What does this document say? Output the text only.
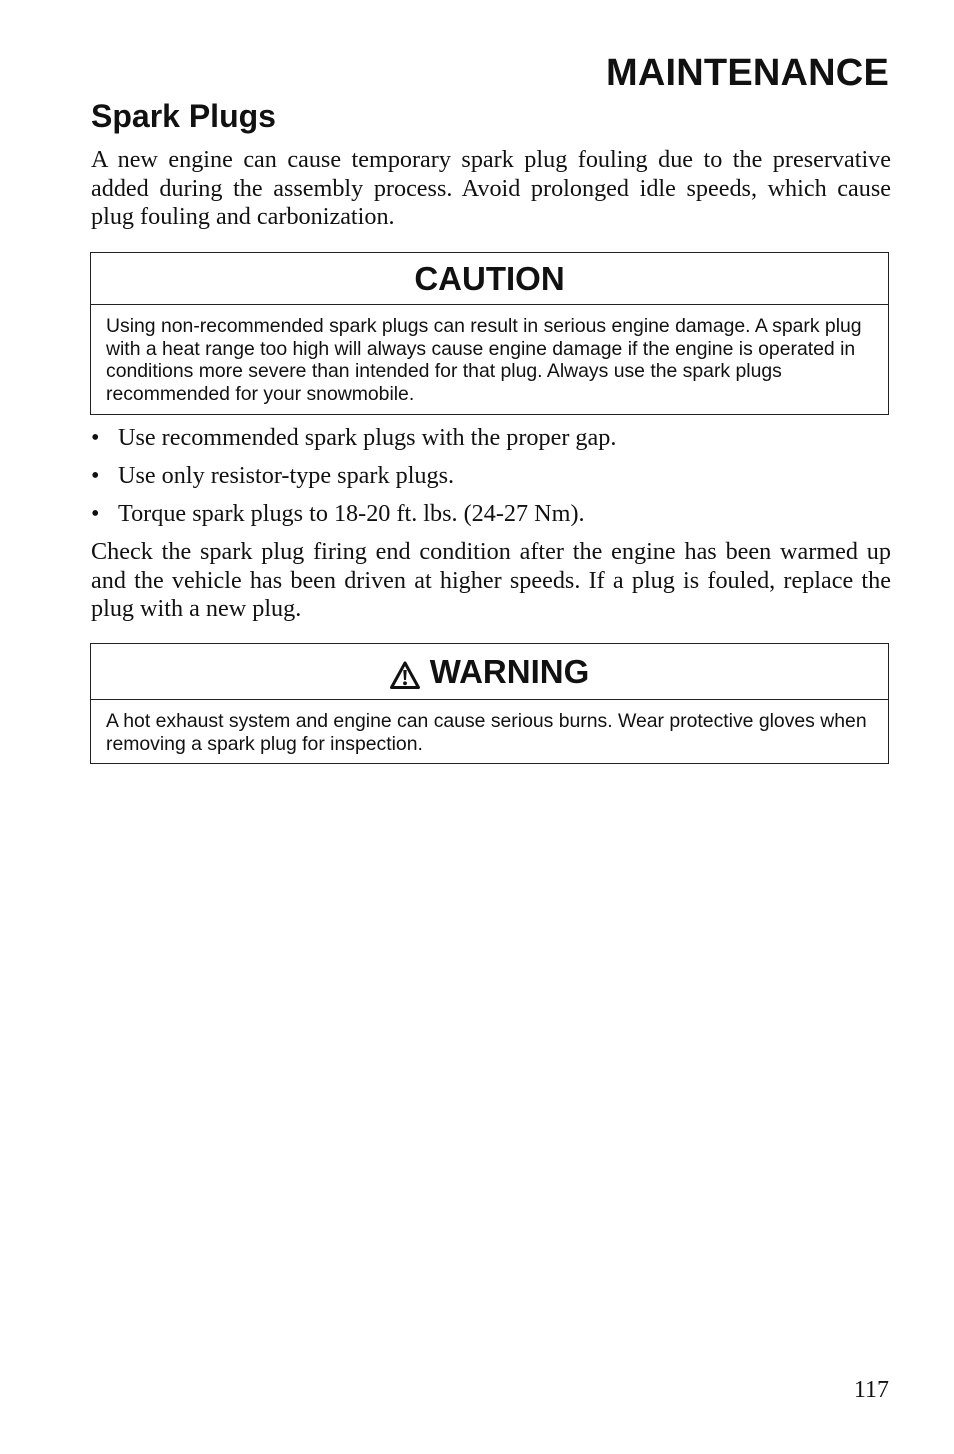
MAINTENANCE
Spark Plugs

A new engine can cause temporary spark plug fouling due to the preservative added during the assembly process. Avoid prolonged idle speeds, which cause plug fouling and carbonization.

CAUTION
Using non-recommended spark plugs can result in serious engine damage. A spark plug with a heat range too high will always cause engine damage if the engine is operated in conditions more severe than intended for that plug. Always use the spark plugs recommended for your snowmobile.
• Use recommended spark plugs with the proper gap.
• Use only resistor-type spark plugs.
• Torque spark plugs to 18-20 ft. lbs. (24-27 Nm).

Check the spark plug firing end condition after the engine has been warmed up and the vehicle has been driven at higher speeds. If a plug is fouled, replace the plug with a new plug.

WARNING
A hot exhaust system and engine can cause serious burns. Wear protective gloves when removing a spark plug for inspection.

117
